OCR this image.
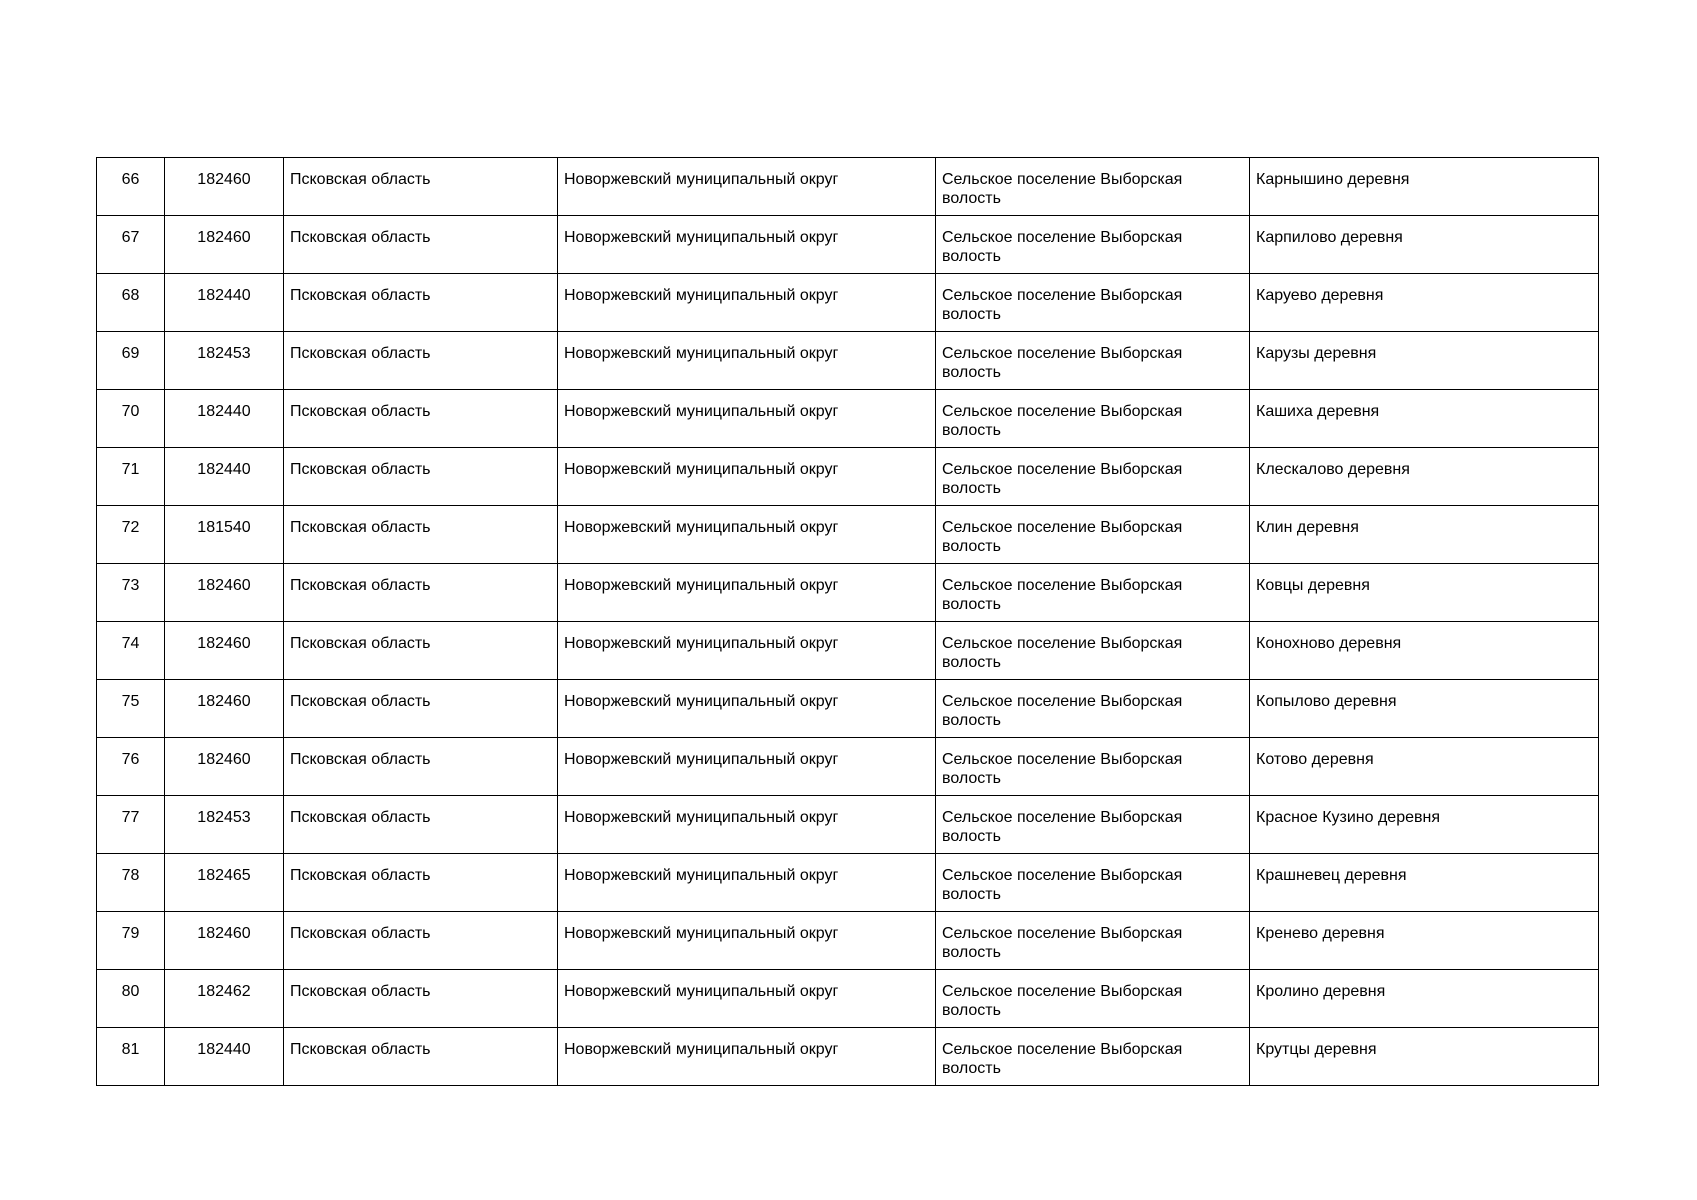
66	182460	Псковская область	Новоржевский муниципальный округ	Сельское поселение Выборская волость	Карнышино деревня
67	182460	Псковская область	Новоржевский муниципальный округ	Сельское поселение Выборская волость	Карпилово деревня
68	182440	Псковская область	Новоржевский муниципальный округ	Сельское поселение Выборская волость	Каруево деревня
69	182453	Псковская область	Новоржевский муниципальный округ	Сельское поселение Выборская волость	Карузы деревня
70	182440	Псковская область	Новоржевский муниципальный округ	Сельское поселение Выборская волость	Кашиха деревня
71	182440	Псковская область	Новоржевский муниципальный округ	Сельское поселение Выборская волость	Клескалово деревня
72	181540	Псковская область	Новоржевский муниципальный округ	Сельское поселение Выборская волость	Клин деревня
73	182460	Псковская область	Новоржевский муниципальный округ	Сельское поселение Выборская волость	Ковцы деревня
74	182460	Псковская область	Новоржевский муниципальный округ	Сельское поселение Выборская волость	Конохново деревня
75	182460	Псковская область	Новоржевский муниципальный округ	Сельское поселение Выборская волость	Копылово деревня
76	182460	Псковская область	Новоржевский муниципальный округ	Сельское поселение Выборская волость	Котово деревня
77	182453	Псковская область	Новоржевский муниципальный округ	Сельское поселение Выборская волость	Красное Кузино деревня
78	182465	Псковская область	Новоржевский муниципальный округ	Сельское поселение Выборская волость	Крашневец деревня
79	182460	Псковская область	Новоржевский муниципальный округ	Сельское поселение Выборская волость	Кренево деревня
80	182462	Псковская область	Новоржевский муниципальный округ	Сельское поселение Выборская волость	Кролино деревня
81	182440	Псковская область	Новоржевский муниципальный округ	Сельское поселение Выборская волость	Крутцы деревня
